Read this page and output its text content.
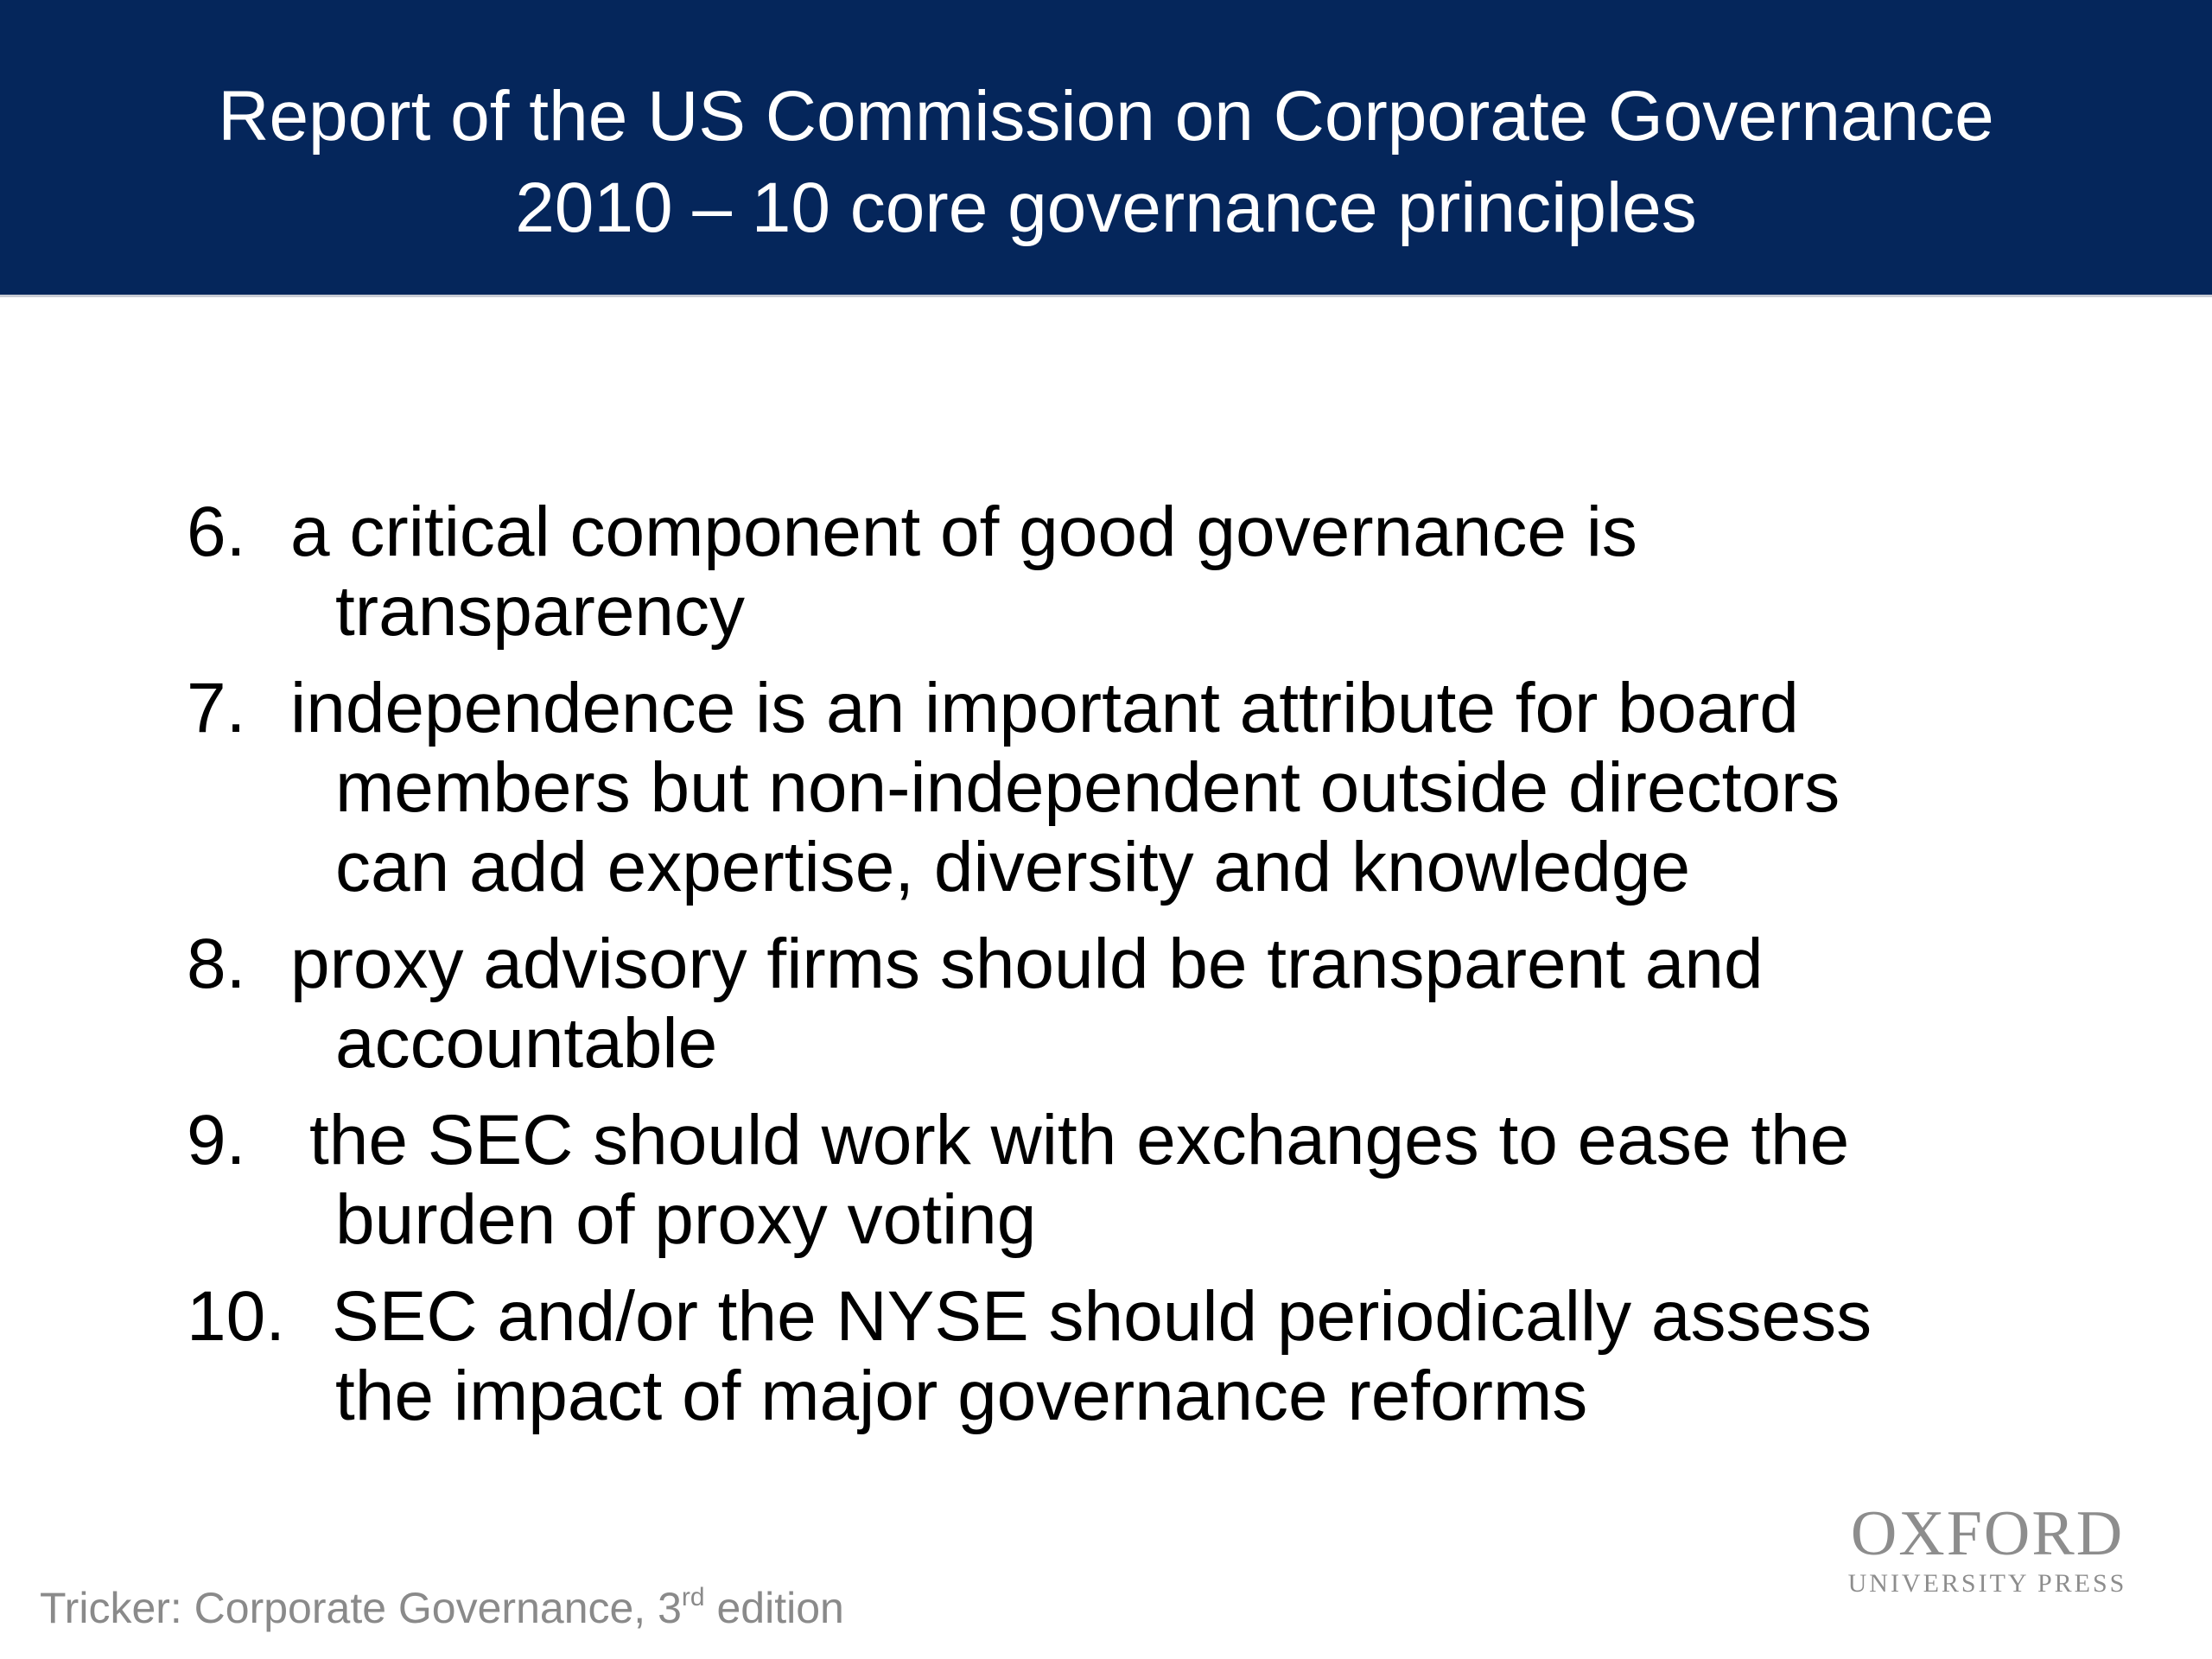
Report of the US Commission on Corporate Governance
2010 – 10 core governance principles
6. a critical component of good governance is
transparency
7. independence is an important attribute for board
members but non-independent outside directors
can add expertise, diversity and knowledge
8. proxy advisory firms should be transparent and
accountable
9. the SEC should work with exchanges to ease the
burden of proxy voting
10. SEC and/or the NYSE should periodically assess
the impact of major governance reforms
Tricker: Corporate Governance, 3rd edition
OXFORD
UNIVERSITY PRESS
